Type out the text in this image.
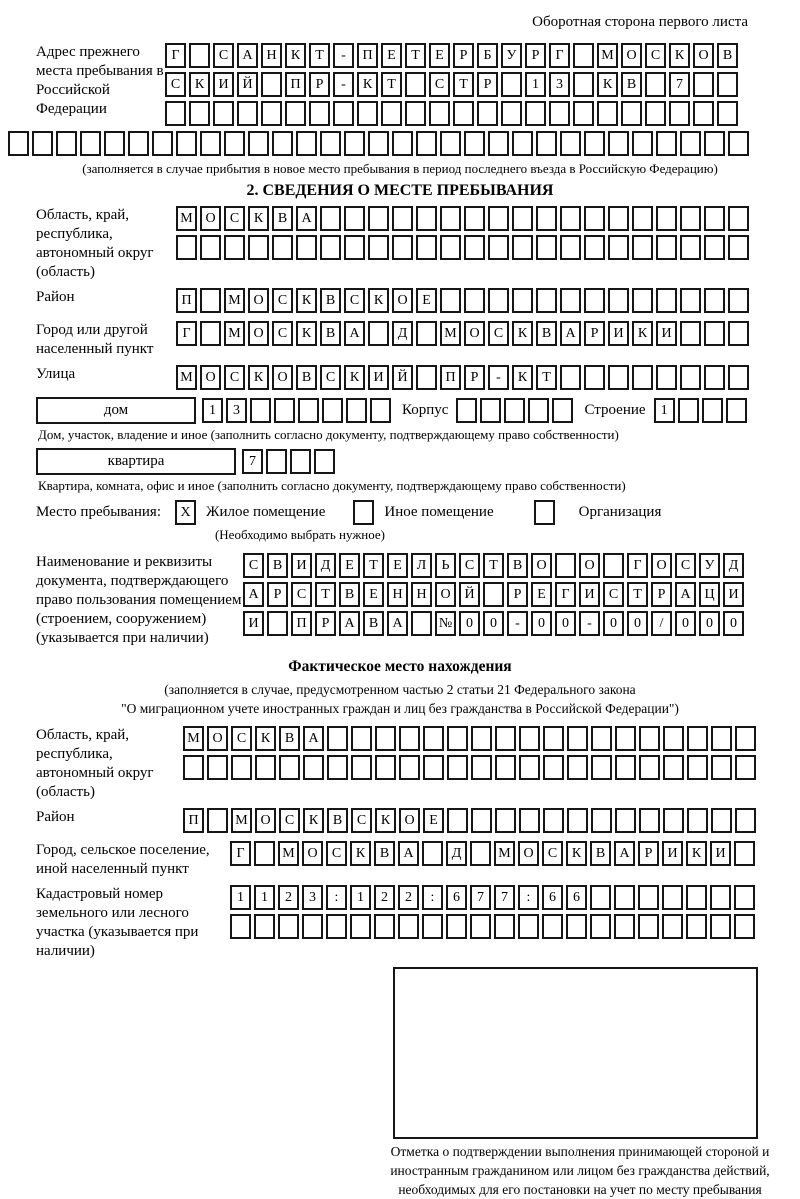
Оборотная сторона первого листа
Адрес прежнего места пребывания в Российской Федерации
Г	С	А Н	К	Т	-	П	Е	Т	Е	Р	Б	У	Р	Г	М О	С	К	О	В
С	К	И Й	П	Р	-	К	Т	С	Т	Р	1	3	К	В	7
(заполняется в случае прибытия в новое место пребывания в период последнего въезда в Российскую Федерацию)
2. СВЕДЕНИЯ О МЕСТЕ ПРЕБЫВАНИЯ
Область, край, республика, автономный округ (область)
М О	С	К	В	А
Район	П	М О	С	К	В	С	К	О	Е
Город или другой населенный пункт
Г	М О	С	К	В	А	Д	М О	С	К	В	А	Р	И	К	И
Улица	М О	С	К	О	В	С	К	И Й	П	Р	-	К	Т
дом	1	3	Корпус	Строение	1
Дом, участок, владение и иное (заполнить согласно документу, подтверждающему право собственности)
квартира	7
Квартира, комната, офис и иное (заполнить согласно документу, подтверждающему право собственности)
Место пребывания:	X	Жилое помещение	Иное помещение	Организация
(Необходимо выбрать нужное)
Наименование и реквизиты документа, подтверждающего право пользования помещением (строением, сооружением) (указывается при наличии)
С	В	И	Д	Е	Т	Е	Л	Ь	С	Т	В	О	О	Г	О	С	У	Д
А	Р	С	Т	В	Е	Н Н О Й	Р	Е	Г	И	С	Т	Р	А Ц И
И	П	Р	А	В	А	№ 0	0	-	0	0	-	0	0	/	0	0	0
Фактическое место нахождения
(заполняется в случае, предусмотренном частью 2 статьи 21 Федерального закона
"О миграционном учете иностранных граждан и лиц без гражданства в Российской Федерации")
Область, край, республика, автономный округ (область)
М О	С	К	В	А
Район	П	М О	С	К	В	С	К	О	Е
Город, сельское поселение, иной населенный пункт
Г	М О	С	К	В	А	Д	М О	С	К	В	А	Р	И	К	И
Кадастровый номер земельного или лесного участка (указывается при наличии)
1	1	2	3	:	1	2	2	:	6	7	7	:	6	6
Отметка о подтверждении выполнения принимающей стороной и иностранным гражданином или лицом без гражданства действий, необходимых для его постановки на учет по месту пребывания
